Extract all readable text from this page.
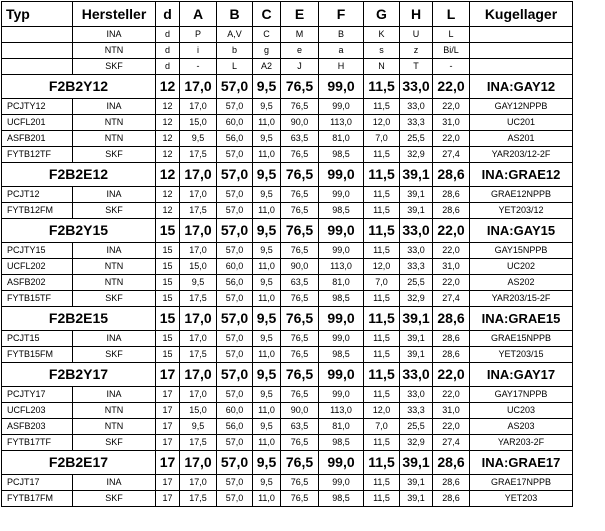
Typ	Hersteller	d	A	B	C	E	F	G	H	L	Kugellager
	INA	d	P	A,V	C	M	B	K	U	L	
	NTN	d	i	b	g	e	a	s	z	Bi/L	
	SKF	d	-	L	A2	J	H	N	T	-	
F2B2Y12		12	17,0	57,0	9,5	76,5	99,0	11,5	33,0	22,0	INA:GAY12
PCJTY12	INA	12	17,0	57,0	9,5	76,5	99,0	11,5	33,0	22,0	GAY12NPPB
UCFL201	NTN	12	15,0	60,0	11,0	90,0	113,0	12,0	33,3	31,0	UC201
ASFB201	NTN	12	9,5	56,0	9,5	63,5	81,0	7,0	25,5	22,0	AS201
FYTB12TF	SKF	12	17,5	57,0	11,0	76,5	98,5	11,5	32,9	27,4	YAR203/12-2F
F2B2E12		12	17,0	57,0	9,5	76,5	99,0	11,5	39,1	28,6	INA:GRAE12
PCJT12	INA	12	17,0	57,0	9,5	76,5	99,0	11,5	39,1	28,6	GRAE12NPPB
FYTB12FM	SKF	12	17,5	57,0	11,0	76,5	98,5	11,5	39,1	28,6	YET203/12
F2B2Y15		15	17,0	57,0	9,5	76,5	99,0	11,5	33,0	22,0	INA:GAY15
PCJTY15	INA	15	17,0	57,0	9,5	76,5	99,0	11,5	33,0	22,0	GAY15NPPB
UCFL202	NTN	15	15,0	60,0	11,0	90,0	113,0	12,0	33,3	31,0	UC202
ASFB202	NTN	15	9,5	56,0	9,5	63,5	81,0	7,0	25,5	22,0	AS202
FYTB15TF	SKF	15	17,5	57,0	11,0	76,5	98,5	11,5	32,9	27,4	YAR203/15-2F
F2B2E15		15	17,0	57,0	9,5	76,5	99,0	11,5	39,1	28,6	INA:GRAE15
PCJT15	INA	15	17,0	57,0	9,5	76,5	99,0	11,5	39,1	28,6	GRAE15NPPB
FYTB15FM	SKF	15	17,5	57,0	11,0	76,5	98,5	11,5	39,1	28,6	YET203/15
F2B2Y17		17	17,0	57,0	9,5	76,5	99,0	11,5	33,0	22,0	INA:GAY17
PCJTY17	INA	17	17,0	57,0	9,5	76,5	99,0	11,5	33,0	22,0	GAY17NPPB
UCFL203	NTN	17	15,0	60,0	11,0	90,0	113,0	12,0	33,3	31,0	UC203
ASFB203	NTN	17	9,5	56,0	9,5	63,5	81,0	7,0	25,5	22,0	AS203
FYTB17TF	SKF	17	17,5	57,0	11,0	76,5	98,5	11,5	32,9	27,4	YAR203-2F
F2B2E17		17	17,0	57,0	9,5	76,5	99,0	11,5	39,1	28,6	INA:GRAE17
PCJT17	INA	17	17,0	57,0	9,5	76,5	99,0	11,5	39,1	28,6	GRAE17NPPB
FYTB17FM	SKF	17	17,5	57,0	11,0	76,5	98,5	11,5	39,1	28,6	YET203
